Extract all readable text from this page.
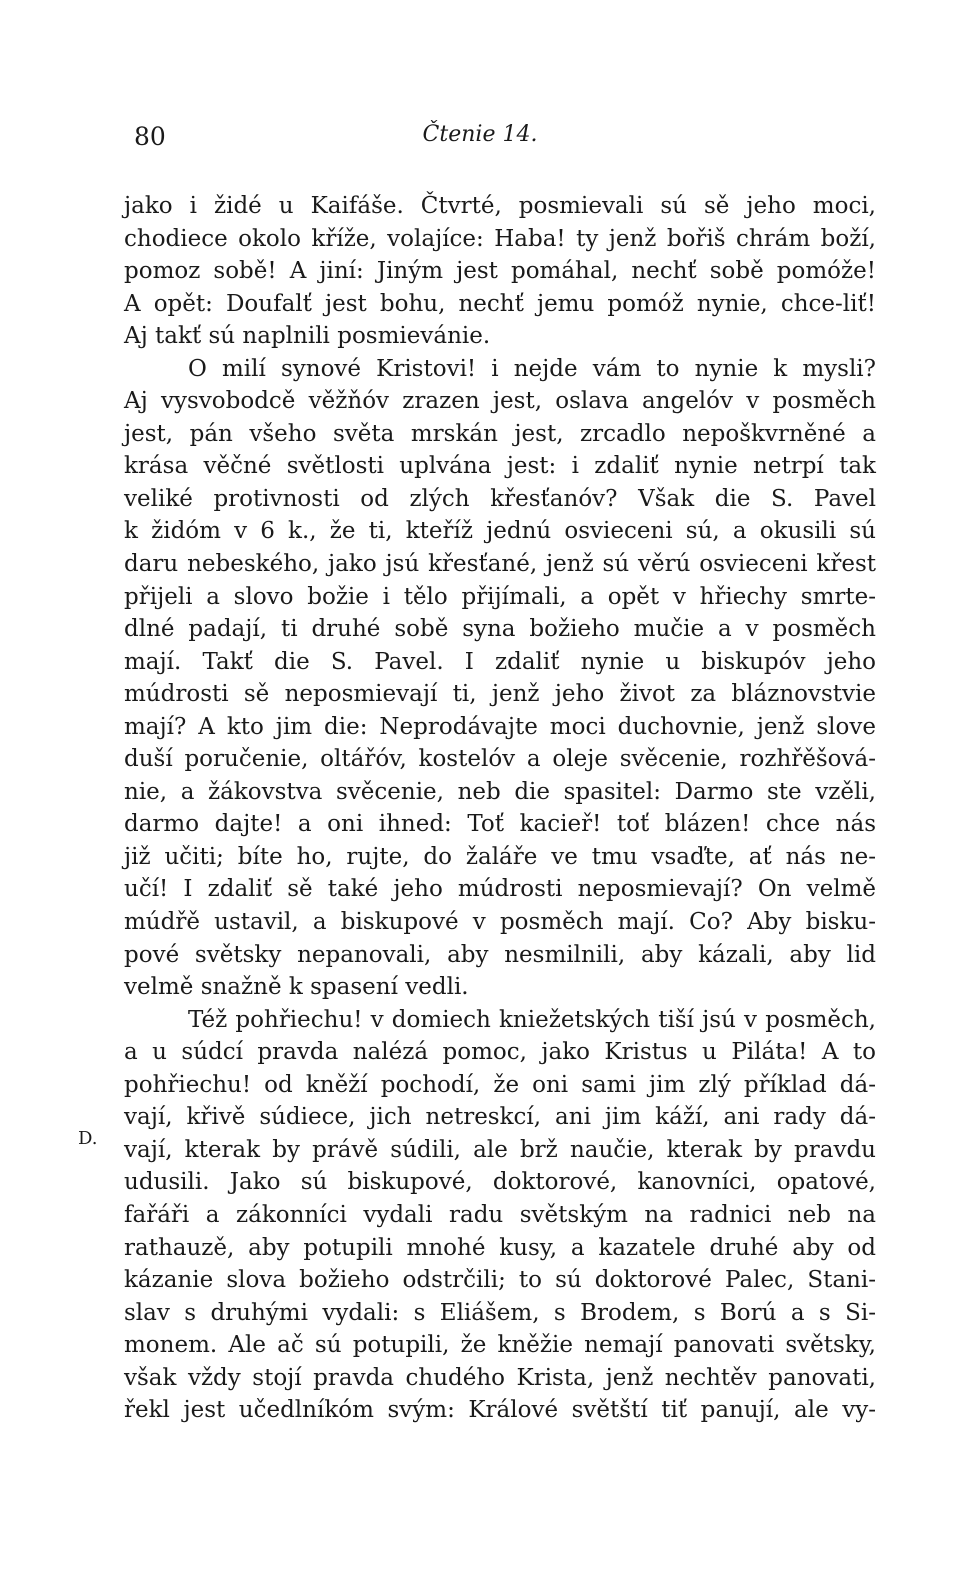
80	Čtenie 14.
D.
jako i židé u Kaifáše. Čtvrté, posmievali sú sě jeho moci,
chodiece okolo kříže, volajíce: Haba! ty jenž bořiš chrám boží,
pomoz sobě! A jiní: Jiným jest pomáhal, nechť sobě pomóže!
A opět: Doufalť jest bohu, nechť jemu pomóž nynie, chce-liť!
Aj takť sú naplnili posmievánie.
O milí synové Kristovi! i nejde vám to nynie k mysli?
Aj vysvobodcě věžňóv zrazen jest, oslava angelóv v posměch
jest, pán všeho světa mrskán jest, zrcadlo nepoškvrněné a
krása věčné světlosti uplvána jest: i zdaliť nynie netrpí tak
veliké protivnosti od zlých křesťanóv? Však die S. Pavel
k židóm v 6 k., že ti, kteříž jednú osvieceni sú, a okusili sú
daru nebeského, jako jsú křesťané, jenž sú věrú osvieceni křest
přijeli a slovo božie i tělo přijímali, a opět v hřiechy smrte-
dlné padají, ti druhé sobě syna božieho mučie a v posměch
mají. Takť die S. Pavel. I zdaliť nynie u biskupóv jeho
múdrosti sě neposmievají ti, jenž jeho život za bláznovstvie
mají? A kto jim die: Neprodávajte moci duchovnie, jenž slove
duší poručenie, oltářóv, kostelóv a oleje svěcenie, rozhřěšová-
nie, a žákovstva svěcenie, neb die spasitel: Darmo ste vzěli,
darmo dajte! a oni ihned: Toť kacieř! toť blázen! chce nás
již učiti; bíte ho, rujte, do žaláře ve tmu vsaďte, ať nás ne-
učí! I zdaliť sě také jeho múdrosti neposmievají? On velmě
múdřě ustavil, a biskupové v posměch mají. Co? Aby bisku-
pové světsky nepanovali, aby nesmilnili, aby kázali, aby lid
velmě snažně k spasení vedli.
Též pohřiechu! v domiech kniežetských tiší jsú v posměch,
a u súdcí pravda nalézá pomoc, jako Kristus u Piláta! A to
pohřiechu! od kněží pochodí, že oni sami jim zlý příklad dá-
vají, křivě súdiece, jich netreskcí, ani jim káží, ani rady dá-
vají, kterak by právě súdili, ale brž naučie, kterak by pravdu
udusili. Jako sú biskupové, doktorové, kanovníci, opatové,
fařáři a zákonníci vydali radu světským na radnici neb na
rathauzě, aby potupili mnohé kusy, a kazatele druhé aby od
kázanie slova božieho odstrčili; to sú doktorové Palec, Stani-
slav s druhými vydali: s Eliášem, s Brodem, s Ború a s Si-
monem. Ale ač sú potupili, že kněžie nemají panovati světsky,
však vždy stojí pravda chudého Krista, jenž nechtěv panovati,
řekl jest učedlníkóm svým: Králové světští tiť panují, ale vy-
